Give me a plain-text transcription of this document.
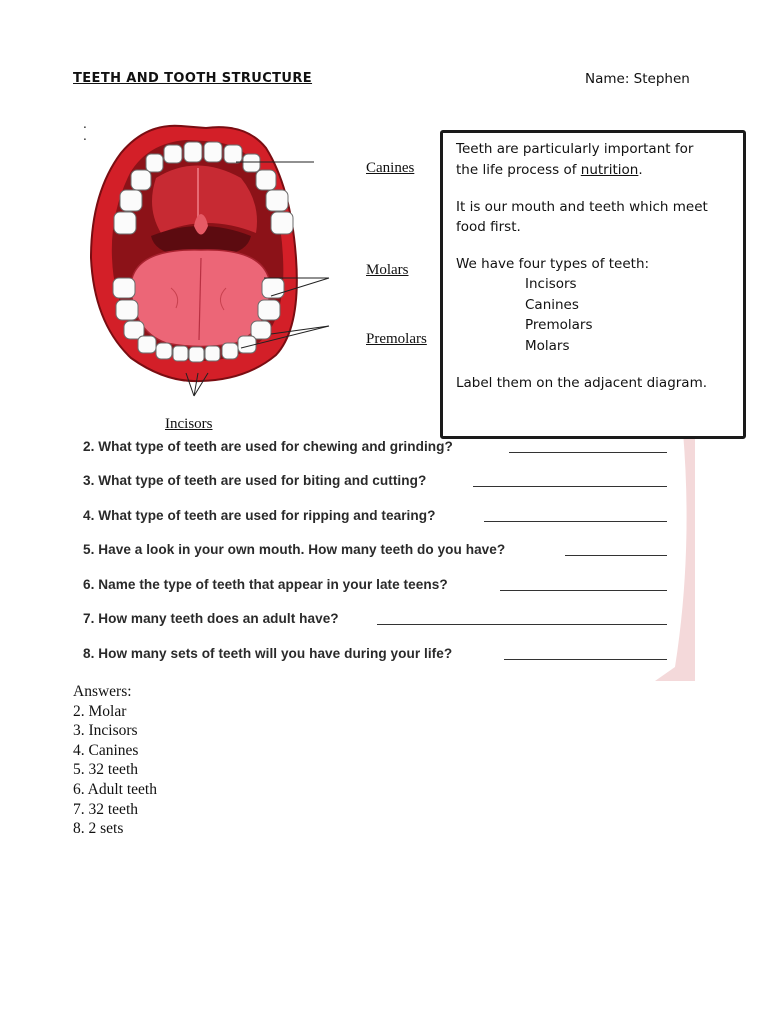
TEETH AND TOOTH STRUCTURE	Name: Stephen
.
.
Canines
Molars
Premolars
Incisors
2. What type of teeth are used for chewing and grinding?
3. What type of teeth are used for biting and cutting?
4. What type of teeth are used for ripping and tearing?
5. Have a look in your own mouth. How many teeth do you have?
6. Name the type of teeth that appear in your late teens?
7. How many teeth does an adult have?
8. How many sets of teeth will you have during your life?
Teeth are particularly important for
the life process of nutrition.
It is our mouth and teeth which meet
food first.
We have four types of teeth:
Incisors
Canines
Premolars
Molars
Label them on the adjacent diagram.
Answers:
2. Molar
3. Incisors
4. Canines
5. 32 teeth
6. Adult teeth
7. 32 teeth
8. 2 sets
